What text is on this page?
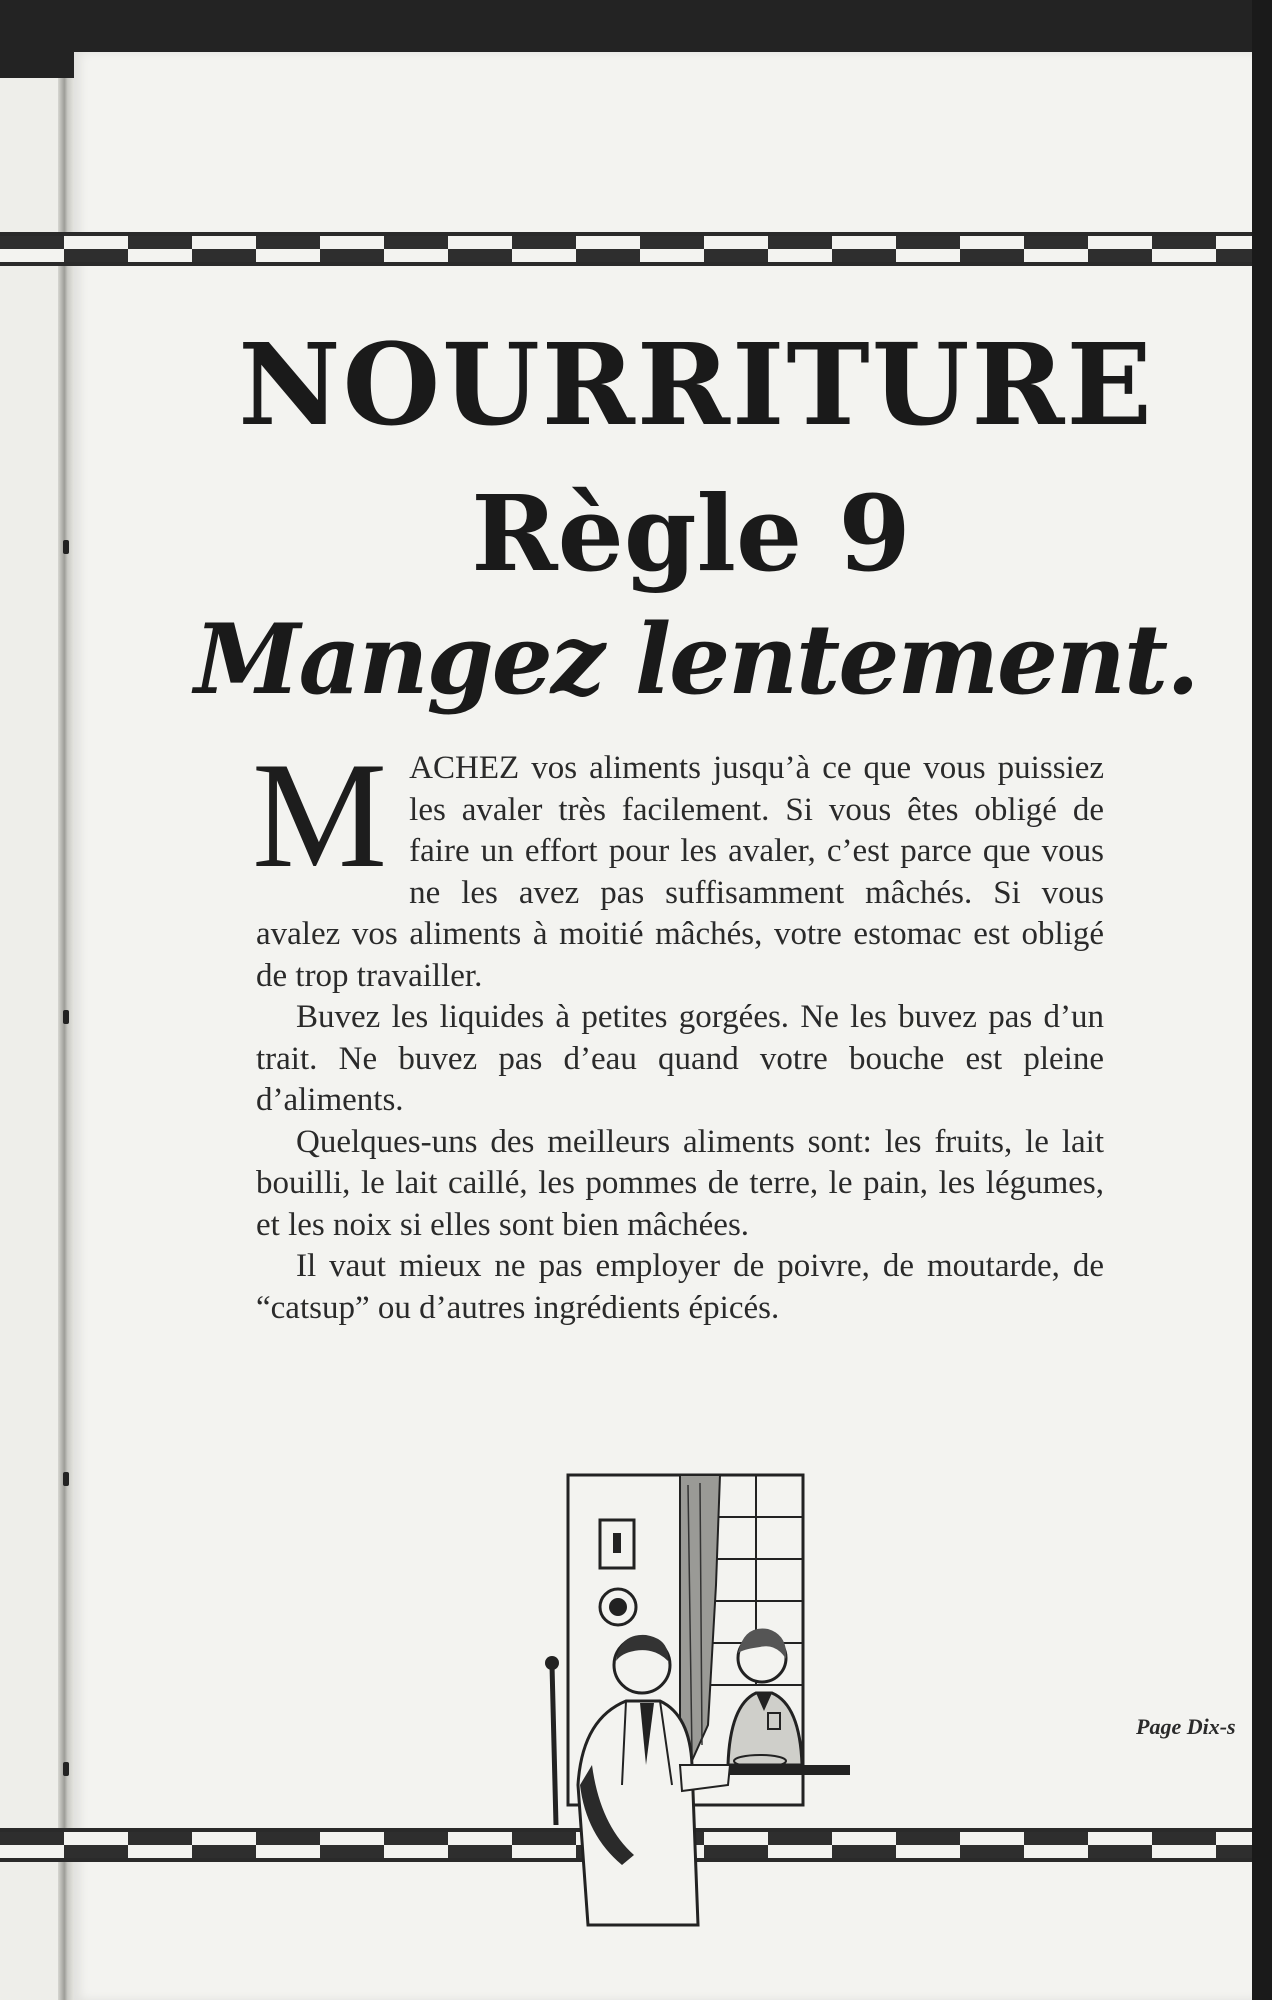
NOURRITURE
Règle 9
Mangez lentement.
M ACHEZ vos aliments jusqu’à ce que vous puissiez les avaler très facilement. Si vous êtes obligé de faire un effort pour les avaler, c’est parce que vous ne les avez pas suffisamment mâchés. Si vous avalez vos aliments à moitié mâchés, votre estomac est obligé de trop travailler.

Buvez les liquides à petites gorgées. Ne les buvez pas d’un trait. Ne buvez pas d’eau quand votre bouche est pleine d’aliments.

Quelques-uns des meilleurs aliments sont: les fruits, le lait bouilli, le lait caillé, les pommes de terre, le pain, les légumes, et les noix si elles sont bien mâchées.

Il vaut mieux ne pas employer de poivre, de moutarde, de “catsup” ou d’autres ingrédients épicés.

Page Dix-s
